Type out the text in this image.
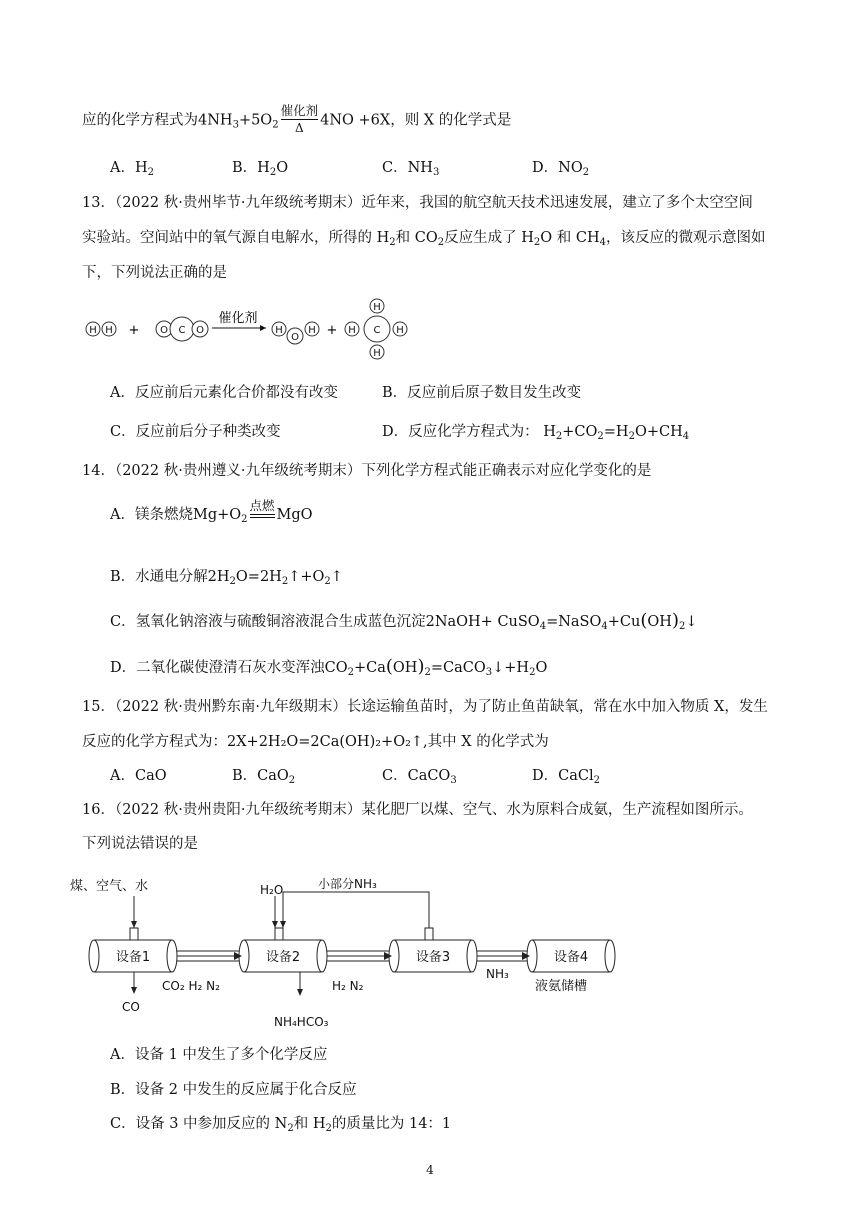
应的化学方程式为$4NH_3+5O_2$
催化剂
Δ 4NO +6X，则 X 的化学式是
A．$H_2$	B．$H_2O$	C．$NH_3$	D．$NO_2$
13．（2022 秋·贵州毕节·九年级统考期末）近年来，我国的航空航天技术迅速发展，建立了多个太空空间
实验站。空间站中的氧气源自电解水，所得的 $H_2$和 $CO_2$反应生成了 $H_2O$ 和 $CH_4$，该反应的微观示意图如
下，下列说法正确的是
H H	O C O	H
O
H	H
H
H
C H
+	+
催化剂
A．反应前后元素化合价都没有改变	B．反应前后原子数目发生改变
C．反应前后分子种类改变	D．反应化学方程式为： $H_2+CO_2=H_2O+CH_4$
14．（2022 秋·贵州遵义·九年级统考期末）下列化学方程式能正确表示对应化学变化的是
A．镁条燃烧$Mg+O_2$
点燃
MgO
B．水通电分解$2H_2O=2H_2↑+O_2↑$
C．氢氧化钠溶液与硫酸铜溶液混合生成蓝色沉淀2NaOH+ $CuSO_4=NaSO_4+Cu(OH)_2↓$
D．二氧化碳使澄清石灰水变浑浊$CO_2+Ca(OH)_2=CaCO_3↓+H_2O$
15．（2022 秋·贵州黔东南·九年级期末）长途运输鱼苗时，为了防止鱼苗缺氧，常在水中加入物质 X，发生
反应的化学方程式为：2X+2H₂O=2Ca(OH)₂+O₂↑,其中 X 的化学式为
A．CaO	B．CaO$_2$	C．CaCO$_3$	D．CaCl$_2$
16．（2022 秋·贵州贵阳·九年级统考期末）某化肥厂以煤、空气、水为原料合成氨，生产流程如图所示。
下列说法错误的是
煤、空气、水	H₂O	小部分NH₃
设备1	设备2	设备3	设备4
CO
CO₂ H₂ N₂	H₂ N₂
NH₃
NH₄HCO₃
液氨储槽
A．设备 1 中发生了多个化学反应
B．设备 2 中发生的反应属于化合反应
C．设备 3 中参加反应的 $N_2$和 $H_2$的质量比为 14：1
4
